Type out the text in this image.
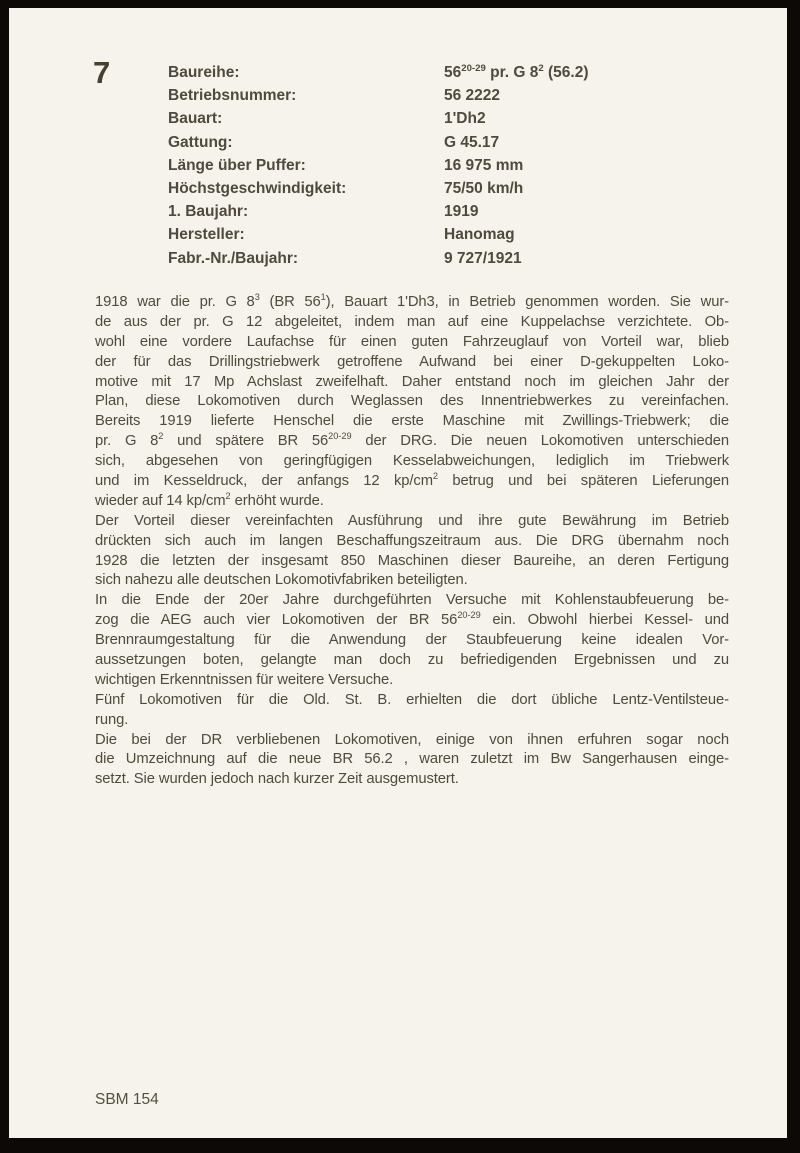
7	Baureihe:	56$^{20-29}$ pr. G $8^2$ (56.2)
Betriebsnummer:	56 2222
Bauart:	1'Dh2
Gattung:	G 45.17
Länge über Puffer:	16 975 mm
Höchstgeschwindigkeit:	75/50 km/h
1. Baujahr:	1919
Hersteller:	Hanomag
Fabr.-Nr./Baujahr:	9 727/1921
1918 war die pr. G $8^3$ (BR $56^1$), Bauart 1'Dh3, in Betrieb genommen worden. Sie wur-
de aus der pr. G 12 abgeleitet, indem man auf eine Kuppelachse verzichtete. Ob-
wohl eine vordere Laufachse für einen guten Fahrzeuglauf von Vorteil war, blieb
der für das Drillingstriebwerk getroffene Aufwand bei einer D-gekuppelten Loko-
motive mit 17 Mp Achslast zweifelhaft. Daher entstand noch im gleichen Jahr der
Plan, diese Lokomotiven durch Weglassen des Innentriebwerkes zu vereinfachen.
Bereits 1919 lieferte Henschel die erste Maschine mit Zwillings-Triebwerk; die
pr. G $8^2$ und spätere BR 56$^{20-29}$ der DRG. Die neuen Lokomotiven unterschieden
sich, abgesehen von geringfügigen Kesselabweichungen, lediglich im Triebwerk
und im Kesseldruck, der anfangs 12 $kp/cm^2$ betrug und bei späteren Lieferungen
wieder auf 14 $kp/cm^2$ erhöht wurde.
Der Vorteil dieser vereinfachten Ausführung und ihre gute Bewährung im Betrieb
drückten sich auch im langen Beschaffungszeitraum aus. Die DRG übernahm noch
1928 die letzten der insgesamt 850 Maschinen dieser Baureihe, an deren Fertigung
sich nahezu alle deutschen Lokomotivfabriken beteiligten.
In die Ende der 20er Jahre durchgeführten Versuche mit Kohlenstaubfeuerung be-
zog die AEG auch vier Lokomotiven der BR 56$^{20-29}$ ein. Obwohl hierbei Kessel- und
Brennraumgestaltung für die Anwendung der Staubfeuerung keine idealen Vor-
aussetzungen boten, gelangte man doch zu befriedigenden Ergebnissen und zu
wichtigen Erkenntnissen für weitere Versuche.
Fünf Lokomotiven für die Old. St. B. erhielten die dort übliche Lentz-Ventilsteue-
rung.
Die bei der DR verbliebenen Lokomotiven, einige von ihnen erfuhren sogar noch
die Umzeichnung auf die neue BR 56.2 , waren zuletzt im Bw Sangerhausen einge-
setzt. Sie wurden jedoch nach kurzer Zeit ausgemustert.
SBM 154
